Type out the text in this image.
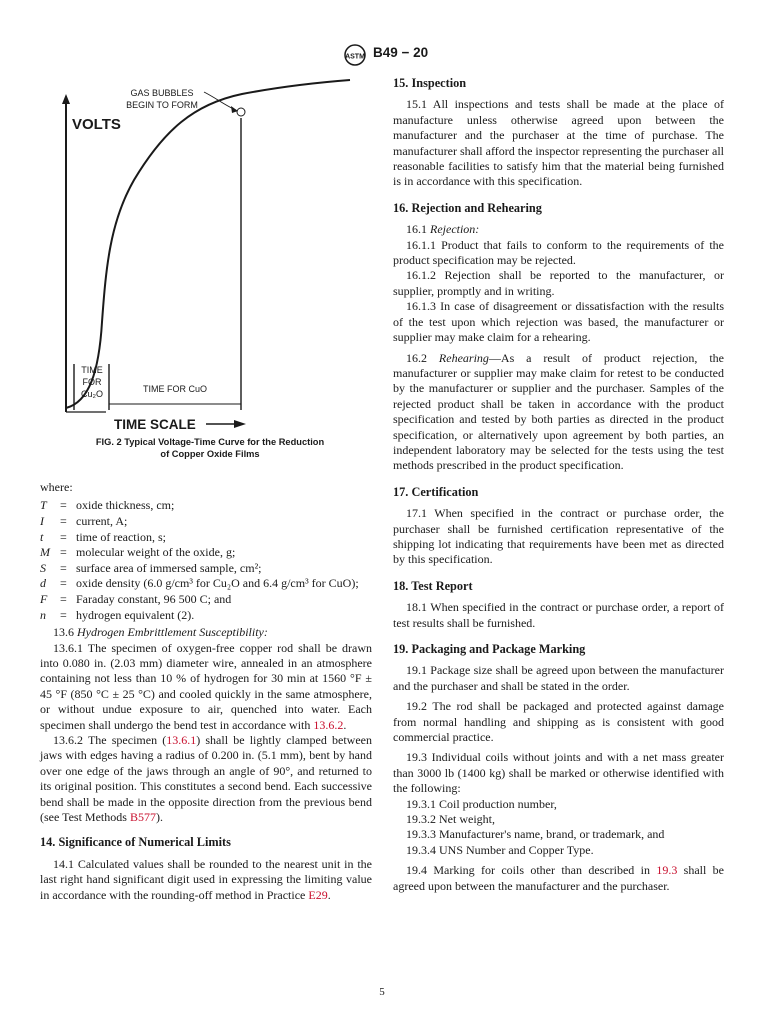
ASTM B49 − 20
VOLTS
GAS BUBBLES
BEGIN TO FORM
TIME
FOR
Cu₂O	TIME FOR CuO
TIME SCALE
FIG. 2 Typical Voltage-Time Curve for the Reduction
of Copper Oxide Films

where:

T	= oxide thickness, cm;
I	= current, A;
t	= time of reaction, s;
M = molecular weight of the oxide, g;
S	= surface area of immersed sample, cm²;
d	= oxide density (6.0 g/cm³ for Cu₂O and 6.4 g/cm³ for CuO);
F	= Faraday constant, 96 500 C; and
n	= hydrogen equivalent (2).

13.6 Hydrogen Embrittlement Susceptibility:

13.6.1 The specimen of oxygen-free copper rod shall be drawn into 0.080 in. (2.03 mm) diameter wire, annealed in an atmosphere containing not less than 10 % of hydrogen for 30 min at 1560 °F ± 45 °F (850 °C ± 25 °C) and cooled quickly in the same atmosphere, or without undue exposure to air, quenched into water. Each specimen shall undergo the bend test in accordance with 13.6.2.

13.6.2 The specimen (13.6.1) shall be lightly clamped between jaws with edges having a radius of 0.200 in. (5.1 mm), bent by hand over one edge of the jaws through an angle of 90°, and returned to its original position. This constitutes a second bend. Each successive bend shall be made in the opposite direction from the previous bend (see Test Methods B577).

14. Significance of Numerical Limits

14.1 Calculated values shall be rounded to the nearest unit in the last right hand significant digit used in expressing the limiting value in accordance with the rounding-off method in Practice E29.

15. Inspection

15.1 All inspections and tests shall be made at the place of manufacture unless otherwise agreed upon between the manufacturer and the purchaser at the time of purchase. The manufacturer shall afford the inspector representing the purchaser all reasonable facilities to satisfy him that the material being furnished is in accordance with this specification.

16. Rejection and Rehearing

16.1 Rejection:

16.1.1 Product that fails to conform to the requirements of the product specification may be rejected.

16.1.2 Rejection shall be reported to the manufacturer, or supplier, promptly and in writing.

16.1.3 In case of disagreement or dissatisfaction with the results of the test upon which rejection was based, the manufacturer or supplier may make claim for a rehearing.

16.2 Rehearing—As a result of product rejection, the manufacturer or supplier may make claim for retest to be conducted by the manufacturer or supplier and the purchaser. Samples of the rejected product shall be taken in accordance with the product specification and tested by both parties as directed in the product specification, or alternatively upon agreement by both parties, an independent laboratory may be selected for the tests using the test methods prescribed in the product specification.

17. Certification

17.1 When specified in the contract or purchase order, the purchaser shall be furnished certification representative of the shipping lot indicating that requirements have been met as directed by this specification.

18. Test Report

18.1 When specified in the contract or purchase order, a report of test results shall be furnished.

19. Packaging and Package Marking

19.1 Package size shall be agreed upon between the manufacturer and the purchaser and shall be stated in the order.

19.2 The rod shall be packaged and protected against damage from normal handling and shipping as is consistent with good commercial practice.

19.3 Individual coils without joints and with a net mass greater than 3000 lb (1400 kg) shall be marked or otherwise identified with the following:

19.3.1 Coil production number,

19.3.2 Net weight,

19.3.3 Manufacturer's name, brand, or trademark, and

19.3.4 UNS Number and Copper Type.

19.4 Marking for coils other than described in 19.3 shall be agreed upon between the manufacturer and the purchaser.

5
